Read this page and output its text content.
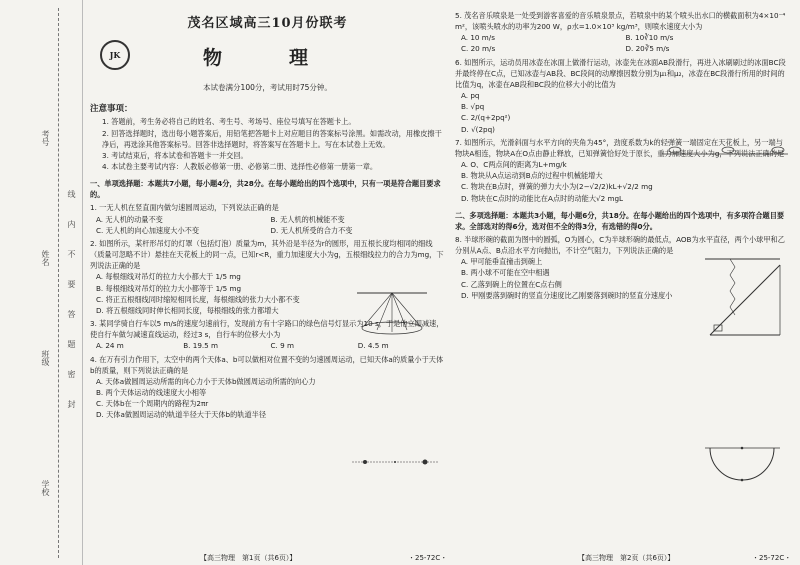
考号
姓名
班级
学校
线
内
不
要
答
题
密
封
JK
茂名区域高三10月份联考
物　理
本试卷满分100分，考试用时75分钟。
注意事项：
1. 答题前，考生务必将自己的姓名、考生号、考场号、座位号填写在答题卡上。
2. 回答选择题时，选出每小题答案后，用铅笔把答题卡上对应题目的答案标号涂黑。如需改动，用橡皮擦干净后，再选涂其他答案标号。回答非选择题时，将答案写在答题卡上。写在本试卷上无效。
3. 考试结束后，将本试卷和答题卡一并交回。
4. 本试卷主要考试内容：人教版必修第一册、必修第二册、选择性必修第一册第一章。
一、单项选择题：本题共7小题，每小题4分，共28分。在每小题给出的四个选项中，只有一项是符合题目要求的。
1. 一无人机在竖直面内做匀速圆周运动，下列说法正确的是
A. 无人机的动量不变	B. 无人机的机械能不变
C. 无人机的向心加速度大小不变	D. 无人机所受的合力不变
2. 如图所示，某杆形吊灯的灯罩（包括灯泡）质量为m，其外沿是半径为r的圆形，用五根长度均相同的细线（质量可忽略不计）悬挂在天花板上的同一点，已知r<R，重力加速度大小为g，五根细线拉力的合力为mg，下列说法正确的是
A. 每根细线对吊灯的拉力大小都大于 1/5 mg
B. 每根细线对吊灯的拉力大小都等于 1/5 mg
C. 将正五根细线同时缩短相同长度，每根细线的张力大小都不变
D. 将五根细线同时伸长相同长度，每根细线的张力都增大
3. 某同学骑自行车以5 m/s的速度匀速前行，发现前方有十字路口的绿色信号灯显示为10 s，于是他立即减速，使自行车做匀减速直线运动，经过3 s，自行车的位移大小为
A. 24 m	B. 19.5 m	C. 9 m	D. 4.5 m
4. 在万有引力作用下，太空中的两个天体a、b可以做相对位置不变的匀速圆周运动，已知天体a的质量小于天体b的质量，则下列说法正确的是
A. 天体a做圆周运动所需的向心力小于天体b做圆周运动所需的向心力
B. 两个天体运动的线速度大小相等
C. 天体b在一个周期内的路程为2πr
D. 天体a做圆周运动的轨道半径大于天体b的轨道半径
5. 茂名音乐喷泉是一处受到游客喜爱的音乐喷泉景点，若喷泉中的某个喷头出水口的横截面积为4×10⁻⁴ m²，该喷头喷水的功率为200 W，ρ水=1.0×10³ kg/m³，则喷水速度大小为
A. 10 m/s	B. 10∛10 m/s
C. 20 m/s	D. 20∛5 m/s
6. 如图所示，运动员用冰壶在冰面上做滑行运动，冰壶先在冰面AB段滑行，再进入冰刷刷过的冰面BC段并最终停在C点，已知冰壶与AB段、BC段间的动摩擦因数分别为μ₁和μ₂，冰壶在BC段滑行所用的时间的比值为q，冰壶在AB段和BC段的位移大小的比值为
A. pq
B. √pq
C. 2/(q+2pq²)
D. √(2pq)
7. 如图所示，光滑斜面与水平方向的夹角为45°，劲度系数为k的轻弹簧一端固定在天花板上，另一端与物块A相连，物块A在O点由静止释放，已知弹簧恰好处于原长，重力加速度大小为g，下列说法正确的是
A. O、C两点间的距离为L+mg/k
B. 物块从A点运动到B点的过程中机械能增大
C. 物块在B点时，弹簧的弹力大小为(2−√2/2)kL+√2/2 mg
D. 物块在C点时的动能比在A点时的动能大√2 mgL
二、多项选择题：本题共3小题，每小题6分，共18分。在每小题给出的四个选项中，有多项符合题目要求。全部选对的得6分，选对但不全的得3分，有选错的得0分。
8. 半球形碗的截面为图中的圆弧，O为圆心，C为半球形碗的最低点，AOB为水平直径，两个小球甲和乙分别从A点、B点沿水平方向抛出，不计空气阻力，下列说法正确的是
A. 甲可能垂直撞击到碗上
B. 两小球不可能在空中相遇
C. 乙落到碗上的位置在C点右侧
D. 甲刚要落到碗时的竖直分速度比乙刚要落到碗时的竖直分速度小
【高三物理　第1页（共6页）】	・25-72C・	【高三物理　第2页（共6页）】	・25-72C・
